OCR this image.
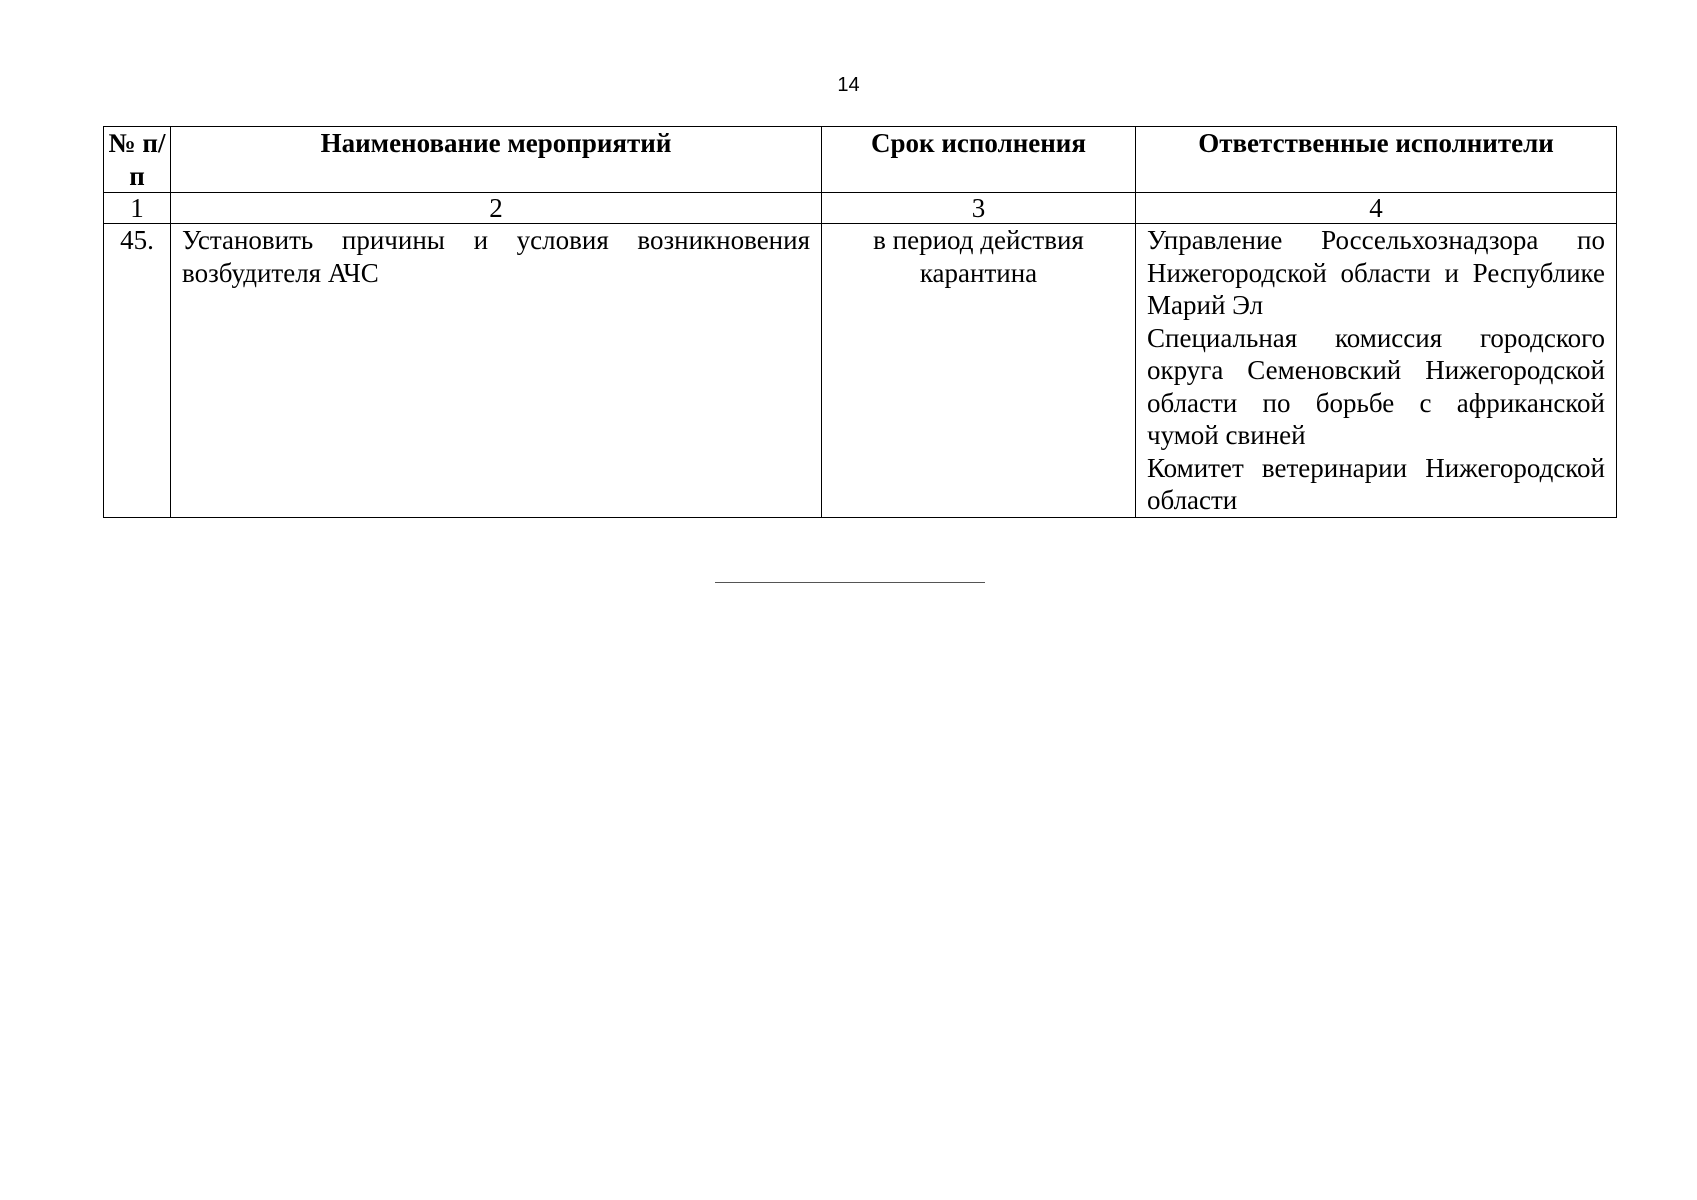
14
№ п/п	Наименование мероприятий	Срок исполнения	Ответственные исполнители
1	2	3	4
45.	Установить причины и условия возникновения возбудителя АЧС	в период действия карантина	Управление Россельхознадзора по Нижегородской области и Республике Марий Эл
Специальная комиссия городского округа Семеновский Нижегородской области по борьбе с африканской чумой свиней
Комитет ветеринарии Нижегородской области
